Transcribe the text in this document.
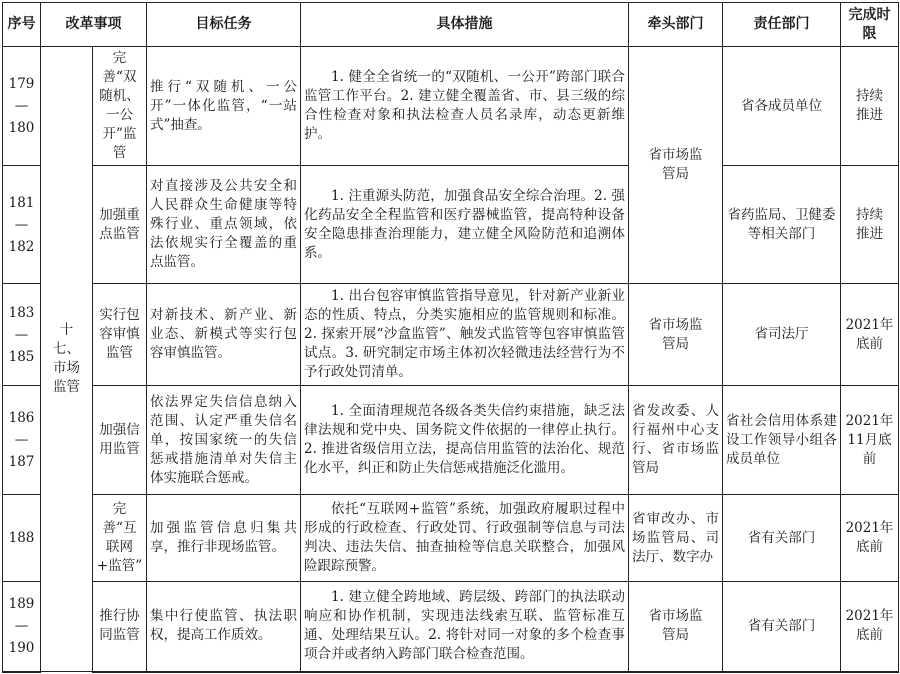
序号	改革事项		目标任务	具体措施	牵头部门	责任部门	完成时限

179
—
180	十七、市场监管	完善“双随机、一公开”监管	推行“双随机、一公开”一体化监管，“一站式”抽查。	1. 健全全省统一的“双随机、一公开”跨部门联合监管工作平台。2. 建立健全覆盖省、市、县三级的综合性检查对象和执法检查人员名录库，动态更新维护。	省市场监管局	省各成员单位	持续推进

181
—
182		加强重点监管	对直接涉及公共安全和人民群众生命健康等特殊行业、重点领域，依法依规实行全覆盖的重点监管。	1. 注重源头防范，加强食品安全综合治理。2. 强化药品安全全程监管和医疗器械监管，提高特种设备安全隐患排查治理能力，建立健全风险防范和追溯体系。		省药监局、卫健委等相关部门	持续推进

183
—
185		实行包容审慎监管	对新技术、新产业、新业态、新模式等实行包容审慎监管。	1. 出台包容审慎监管指导意见，针对新产业新业态的性质、特点，分类实施相应的监管规则和标准。2. 探索开展“沙盒监管”、触发式监管等包容审慎监管试点。3. 研究制定市场主体初次轻微违法经营行为不予行政处罚清单。	省市场监管局	省司法厅	2021年底前

186
—
187		加强信用监管	依法界定失信信息纳入范围、认定严重失信名单，按国家统一的失信惩戒措施清单对失信主体实施联合惩戒。	1. 全面清理规范各级各类失信约束措施，缺乏法律法规和党中央、国务院文件依据的一律停止执行。2. 推进省级信用立法，提高信用监管的法治化、规范化水平，纠正和防止失信惩戒措施泛化滥用。	省发改委、人行福州中心支行、省市场监管局	省社会信用体系建设工作领导小组各成员单位	2021年11月底前

188		完善“互联网+监管”	加强监管信息归集共享，推行非现场监管。	依托“互联网+监管”系统，加强政府履职过程中形成的行政检查、行政处罚、行政强制等信息与司法判决、违法失信、抽查抽检等信息关联整合，加强风险跟踪预警。	省审改办、市场监管局、司法厅、数字办	省有关部门	2021年底前

189
—
190		推行协同监管	集中行使监管、执法职权，提高工作质效。	1. 建立健全跨地域、跨层级、跨部门的执法联动响应和协作机制，实现违法线索互联、监管标准互通、处理结果互认。2. 将针对同一对象的多个检查事项合并或者纳入跨部门联合检查范围。	省市场监管局	省有关部门	2021年底前
